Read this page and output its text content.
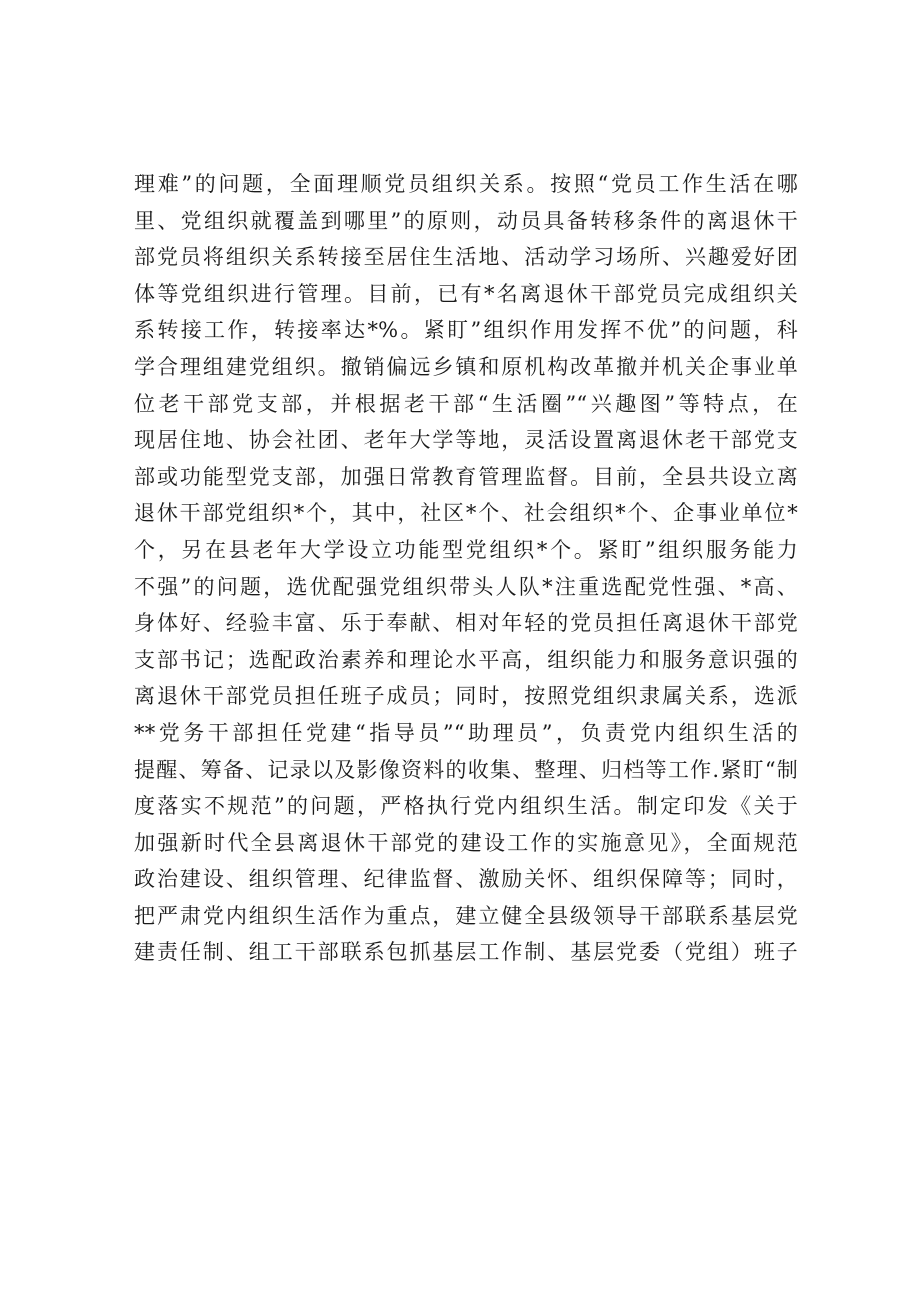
理难”的问题，全面理顺党员组织关系。按照“党员工作生活在哪
里、党组织就覆盖到哪里”的原则，动员具备转移条件的离退休干
部党员将组织关系转接至居住生活地、活动学习场所、兴趣爱好团
体等党组织进行管理。目前，已有*名离退休干部党员完成组织关
系转接工作，转接率达*%。紧盯”组织作用发挥不优”的问题，科
学合理组建党组织。撤销偏远乡镇和原机构改革撤并机关企事业单
位老干部党支部，并根据老干部“生活圈”“兴趣图”等特点，在
现居住地、协会社团、老年大学等地，灵活设置离退休老干部党支
部或功能型党支部，加强日常教育管理监督。目前，全县共设立离
退休干部党组织*个，其中，社区*个、社会组织*个、企事业单位*
个，另在县老年大学设立功能型党组织*个。紧盯”组织服务能力
不强”的问题，选优配强党组织带头人队*注重选配党性强、*高、
身体好、经验丰富、乐于奉献、相对年轻的党员担任离退休干部党
支部书记；选配政治素养和理论水平高，组织能力和服务意识强的
离退休干部党员担任班子成员；同时，按照党组织隶属关系，选派
**党务干部担任党建“指导员”“助理员”，负责党内组织生活的
提醒、筹备、记录以及影像资料的收集、整理、归档等工作.紧盯“制
度落实不规范”的问题，严格执行党内组织生活。制定印发《关于
加强新时代全县离退休干部党的建设工作的实施意见》，全面规范
政治建设、组织管理、纪律监督、激励关怀、组织保障等；同时，
把严肃党内组织生活作为重点，建立健全县级领导干部联系基层党
建责任制、组工干部联系包抓基层工作制、基层党委（党组）班子
